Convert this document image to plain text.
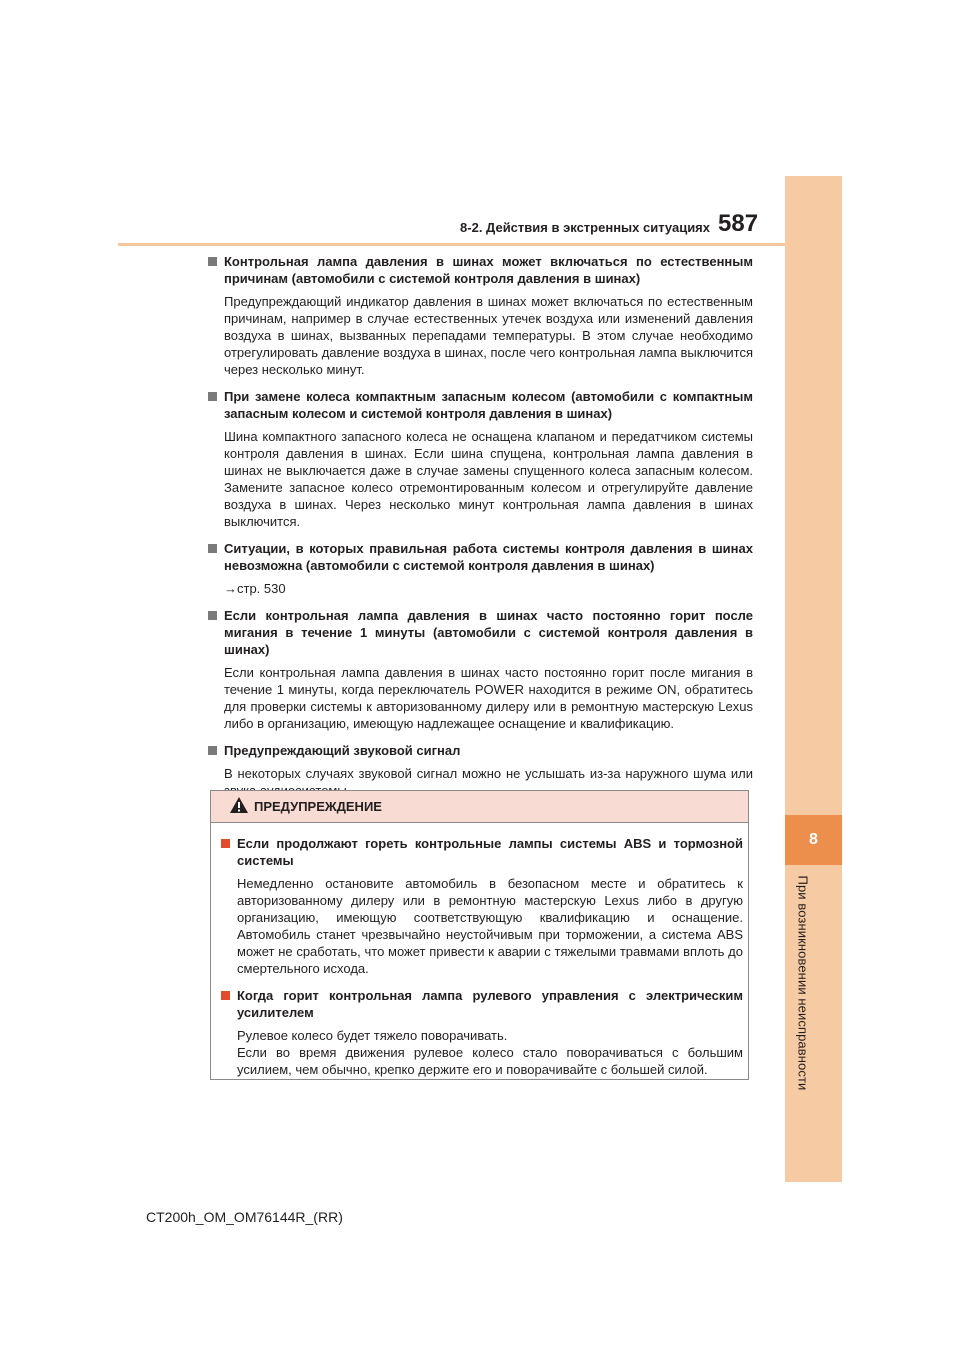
8
При возникновении неисправности
8-2. Действия в экстренных ситуациях 587
Контрольная лампа давления в шинах может включаться по естественным причинам (автомобили с системой контроля давления в шинах)
Предупреждающий индикатор давления в шинах может включаться по естественным причинам, например в случае естественных утечек воздуха или изменений давления воздуха в шинах, вызванных перепадами температуры. В этом случае необходимо отрегулировать давление воздуха в шинах, после чего контрольная лампа выключится через несколько минут.
При замене колеса компактным запасным колесом (автомобили с компактным запасным колесом и системой контроля давления в шинах)
Шина компактного запасного колеса не оснащена клапаном и передатчиком системы контроля давления в шинах. Если шина спущена, контрольная лампа давления в шинах не выключается даже в случае замены спущенного колеса запасным колесом. Замените запасное колесо отремонтированным колесом и отрегулируйте давление воздуха в шинах. Через несколько минут контрольная лампа давления в шинах выключится.
Ситуации, в которых правильная работа системы контроля давления в шинах невозможна (автомобили с системой контроля давления в шинах)
→стр. 530
Если контрольная лампа давления в шинах часто постоянно горит после мигания в течение 1 минуты (автомобили с системой контроля давления в шинах)
Если контрольная лампа давления в шинах часто постоянно горит после мигания в течение 1 минуты, когда переключатель POWER находится в режиме ON, обратитесь для проверки системы к авторизованному дилеру или в ремонтную мастерскую Lexus либо в организацию, имеющую надлежащее оснащение и квалификацию.
Предупреждающий звуковой сигнал
В некоторых случаях звуковой сигнал можно не услышать из-за наружного шума или
ПРЕДУПРЕЖДЕНИЕ
Если продолжают гореть контрольные лампы системы ABS и тормозной системы
Немедленно остановите автомобиль в безопасном месте и обратитесь к авторизованному дилеру или в ремонтную мастерскую Lexus либо в другую организацию, имеющую соответствующую квалификацию и оснащение. Автомобиль станет чрезвычайно неустойчивым при торможении, а система ABS может не сработать, что может привести к аварии с тяжелыми травмами вплоть до смертельного исхода.
Когда горит контрольная лампа рулевого управления с электрическим усилителем
Рулевое колесо будет тяжело поворачивать.
Если во время движения рулевое колесо стало поворачиваться с большим усилием, чем обычно, крепко держите его и поворачивайте с большей силой.
CT200h_OM_OM76144R_(RR)
